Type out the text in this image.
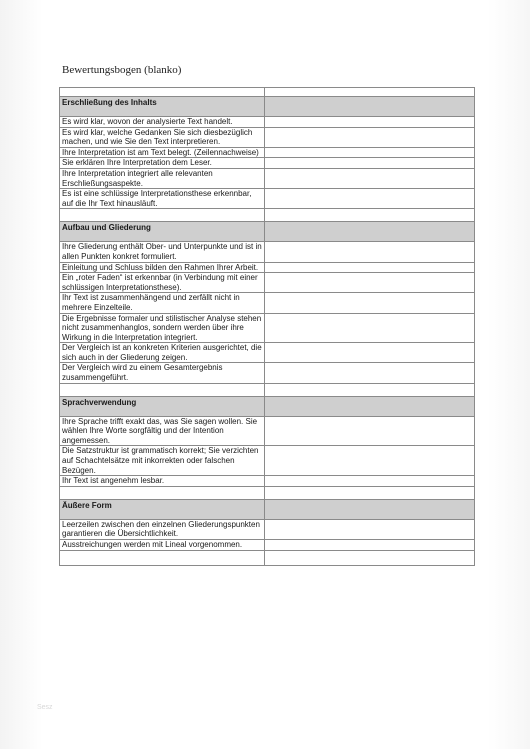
Bewertungsbogen (blanko)

Erschließung des Inhalts	
Es wird klar, wovon der analysierte Text handelt.	
Es wird klar, welche Gedanken Sie sich diesbezüglich machen, und wie Sie den Text interpretieren.	
Ihre Interpretation ist am Text belegt. (Zeilennachweise)	
Sie erklären Ihre Interpretation dem Leser.	
Ihre Interpretation integriert alle relevanten Erschließungsaspekte.	
Es ist eine schlüssige Interpretationsthese erkennbar, auf die Ihr Text hinausläuft.	

Aufbau und Gliederung	
Ihre Gliederung enthält Ober- und Unterpunkte und ist in allen Punkten konkret formuliert.	
Einleitung und Schluss bilden den Rahmen Ihrer Arbeit.	
Ein „roter Faden“ ist erkennbar (in Verbindung mit einer schlüssigen Interpretationsthese).	
Ihr Text ist zusammenhängend und zerfällt nicht in mehrere Einzelteile.	
Die Ergebnisse formaler und stilistischer Analyse stehen nicht zusammenhanglos, sondern werden über ihre Wirkung in die Interpretation integriert.	
Der Vergleich ist an konkreten Kriterien ausgerichtet, die sich auch in der Gliederung zeigen.	
Der Vergleich wird zu einem Gesamtergebnis zusammengeführt.	

Sprachverwendung	
Ihre Sprache trifft exakt das, was Sie sagen wollen. Sie wählen Ihre Worte sorgfältig und der Intention angemessen.	
Die Satzstruktur ist grammatisch korrekt; Sie verzichten auf Schachtelsätze mit inkorrekten oder falschen Bezügen.	
Ihr Text ist angenehm lesbar.	

Äußere Form	
Leerzeilen zwischen den einzelnen Gliederungspunkten garantieren die Übersichtlichkeit.	
Ausstreichungen werden mit Lineal vorgenommen.	

Sesz
